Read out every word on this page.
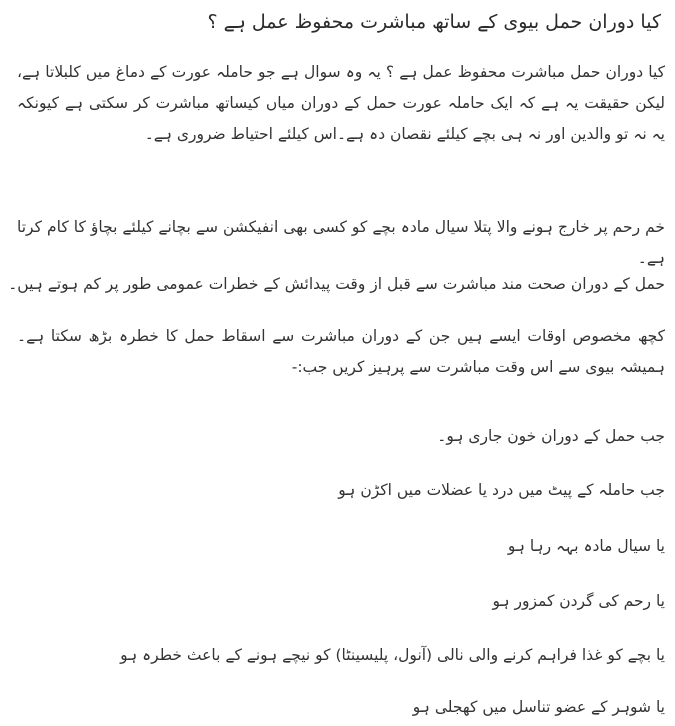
کیا دوران حمل بیوی کے ساتھ مباشرت محفوظ عمل ہے ؟

کیا دوران حمل مباشرت محفوظ عمل ہے ؟ یہ وہ سوال ہے جو حاملہ عورت کے دماغ میں کلبلاتا ہے، لیکن حقیقت یہ ہے کہ ایک حاملہ عورت حمل کے دوران میاں کیساتھ مباشرت کر سکتی ہے کیونکہ یہ نہ تو والدین اور نہ ہی بچے کیلئے نقصان دہ ہے۔اس کیلئے احتیاط ضروری ہے۔

خم رحم پر خارج ہونے والا پتلا سیال مادہ بچے کو کسی بھی انفیکشن سے بچانے کیلئے بچاؤ کا کام کرتا ہے۔

حمل کے دوران صحت مند مباشرت سے قبل از وقت پیدائش کے خطرات عمومی طور پر کم ہوتے ہیں۔

کچھ مخصوص اوقات ایسے ہیں جن کے دوران مباشرت سے اسقاط حمل کا خطرہ بڑھ سکتا ہے۔ہمیشہ بیوی سے اس وقت مباشرت سے پرہیز کریں جب:-

جب حمل کے دوران خون جاری ہو۔

جب حاملہ کے پیٹ میں درد یا عضلات میں اکڑن ہو

یا سیال مادہ بہہ رہا ہو

یا رحم کی گردن کمزور ہو

یا بچے کو غذا فراہم کرنے والی نالی (آنول، پلیسینٹا) کو نیچے ہونے کے باعث خطرہ ہو

یا شوہر کے عضو تناسل میں کھجلی ہو
